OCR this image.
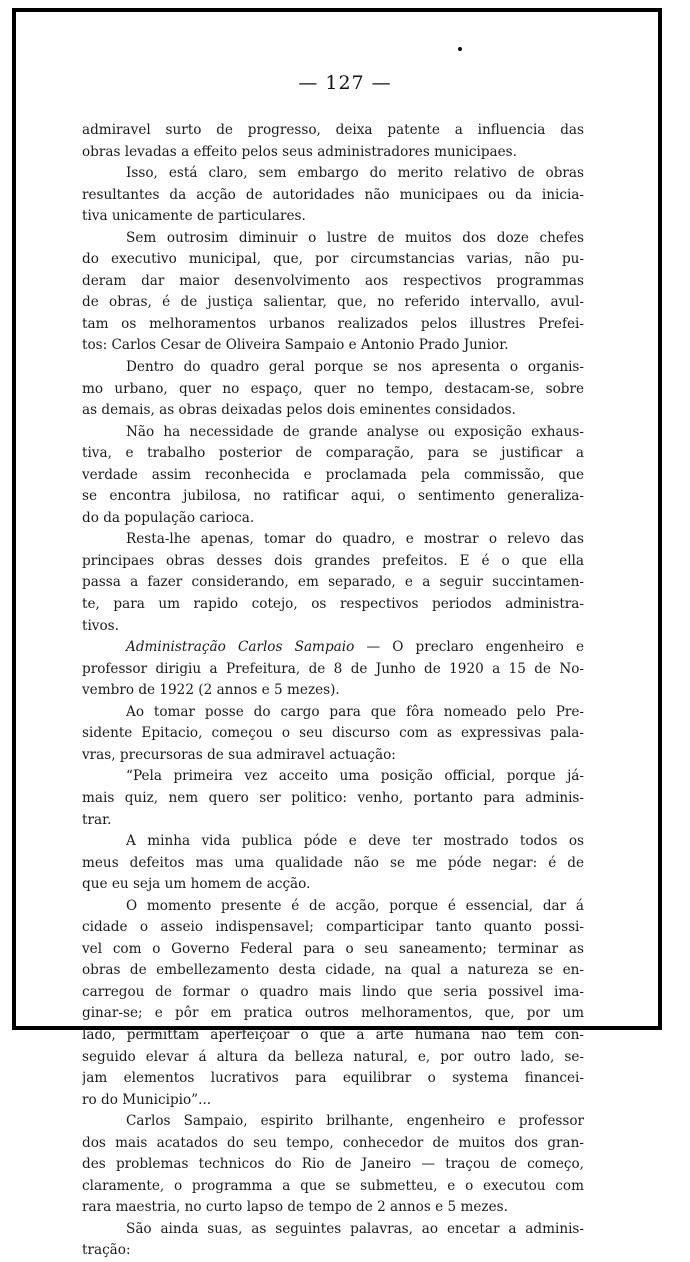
— 127 —
admiravel surto de progresso, deixa patente a influencia das
obras levadas a effeito pelos seus administradores municipaes.
Isso, está claro, sem embargo do merito relativo de obras
resultantes da acção de autoridades não municipaes ou da inicia-
tiva unicamente de particulares.
Sem outrosim diminuir o lustre de muitos dos doze chefes
do executivo municipal, que, por circumstancias varias, não pu-
deram dar maior desenvolvimento aos respectivos programmas
de obras, é de justiça salientar, que, no referido intervallo, avul-
tam os melhoramentos urbanos realizados pelos illustres Prefei-
tos: Carlos Cesar de Oliveira Sampaio e Antonio Prado Junior.
Dentro do quadro geral porque se nos apresenta o organis-
mo urbano, quer no espaço, quer no tempo, destacam-se, sobre
as demais, as obras deixadas pelos dois eminentes considados.
Não ha necessidade de grande analyse ou exposição exhaus-
tiva, e trabalho posterior de comparação, para se justificar a
verdade assim reconhecida e proclamada pela commissão, que
se encontra jubilosa, no ratificar aqui, o sentimento generaliza-
do da população carioca.
Resta-lhe apenas, tomar do quadro, e mostrar o relevo das
principaes obras desses dois grandes prefeitos. E é o que ella
passa a fazer considerando, em separado, e a seguir succintamen-
te, para um rapido cotejo, os respectivos periodos administra-
tivos.
Administração Carlos Sampaio — O preclaro engenheiro e
professor dirigiu a Prefeitura, de 8 de Junho de 1920 a 15 de No-
vembro de 1922 (2 annos e 5 mezes).
Ao tomar posse do cargo para que fôra nomeado pelo Pre-
sidente Epitacio, começou o seu discurso com as expressivas pala-
vras, precursoras de sua admiravel actuação:
“Pela primeira vez acceito uma posição official, porque já-
mais quiz, nem quero ser politico: venho, portanto para adminis-
trar.
A minha vida publica póde e deve ter mostrado todos os
meus defeitos mas uma qualidade não se me póde negar: é de
que eu seja um homem de acção.
O momento presente é de acção, porque é essencial, dar á
cidade o asseio indispensavel; comparticipar tanto quanto possi-
vel com o Governo Federal para o seu saneamento; terminar as
obras de embellezamento desta cidade, na qual a natureza se en-
carregou de formar o quadro mais lindo que seria possivel ima-
ginar-se; e pôr em pratica outros melhoramentos, que, por um
lado, permittam aperfeiçoar o que a arte humana não tem con-
seguido elevar á altura da belleza natural, e, por outro lado, se-
jam elementos lucrativos para equilibrar o systema financei-
ro do Municipio”...
Carlos Sampaio, espirito brilhante, engenheiro e professor
dos mais acatados do seu tempo, conhecedor de muitos dos gran-
des problemas technicos do Rio de Janeiro — traçou de começo,
claramente, o programma a que se submetteu, e o executou com
rara maestria, no curto lapso de tempo de 2 annos e 5 mezes.
São ainda suas, as seguintes palavras, ao encetar a adminis-
tração:
